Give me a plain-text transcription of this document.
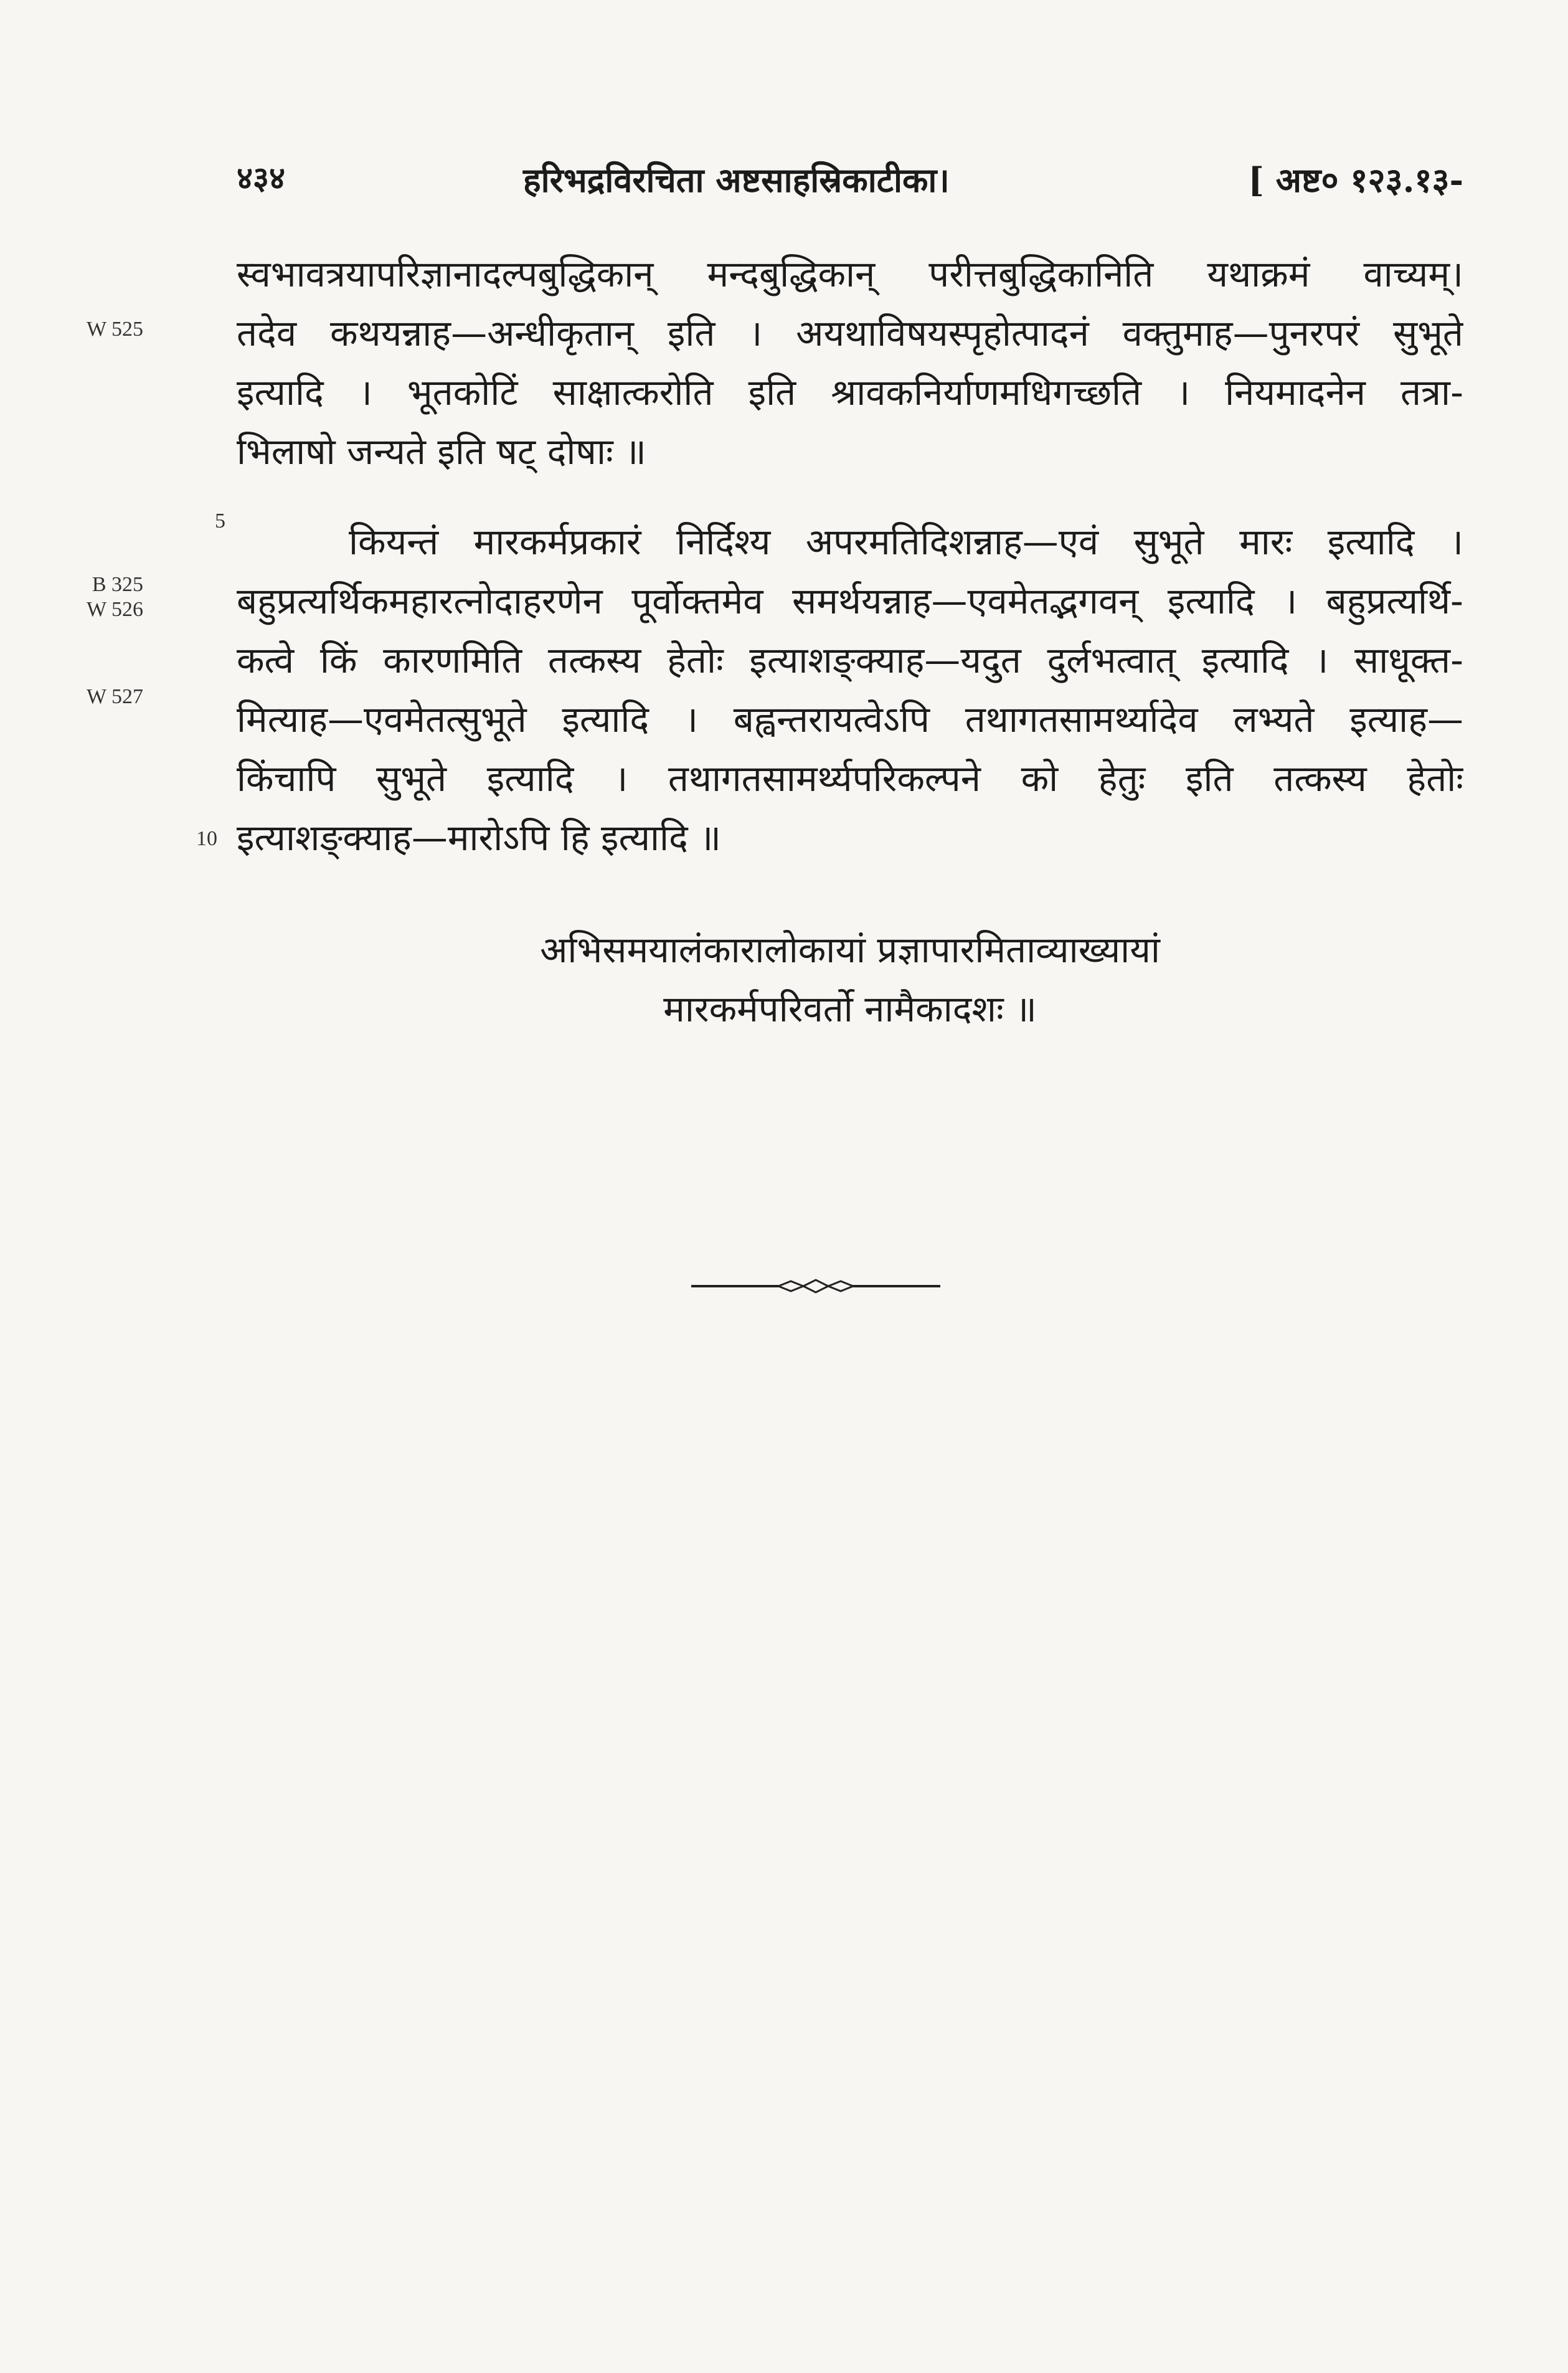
४३४	हरिभद्रविरचिता अष्टसाहस्रिकाटीका।	[ अष्ट० १२३.१३-
W 525
B 325
W 526
W 527
5
10
स्वभावत्रयापरिज्ञानादल्पबुद्धिकान् मन्दबुद्धिकान् परीत्तबुद्धिकानिति यथाक्रमं वाच्यम्।
तदेव कथयन्नाह—अन्धीकृतान् इति । अयथाविषयस्पृहोत्पादनं वक्तुमाह—पुनरपरं सुभूते
इत्यादि । भूतकोटिं साक्षात्करोति इति श्रावकनिर्याणमधिगच्छति । नियमादनेन तत्रा-
भिलाषो जन्यते इति षट् दोषाः ॥
कियन्तं मारकर्मप्रकारं निर्दिश्य अपरमतिदिशन्नाह—एवं सुभूते मारः इत्यादि ।
बहुप्रत्यर्थिकमहारत्नोदाहरणेन पूर्वोक्तमेव समर्थयन्नाह—एवमेतद्भगवन् इत्यादि । बहुप्रत्यर्थि-
कत्वे किं कारणमिति तत्कस्य हेतोः इत्याशङ्क्याह—यदुत दुर्लभत्वात् इत्यादि । साधूक्त-
मित्याह—एवमेतत्सुभूते इत्यादि । बह्वन्तरायत्वेऽपि तथागतसामर्थ्यादेव लभ्यते इत्याह—
किंचापि सुभूते इत्यादि । तथागतसामर्थ्यपरिकल्पने को हेतुः इति तत्कस्य हेतोः
इत्याशङ्क्याह—मारोऽपि हि इत्यादि ॥
अभिसमयालंकारालोकायां प्रज्ञापारमिताव्याख्यायां
मारकर्मपरिवर्तो नामैकादशः ॥
